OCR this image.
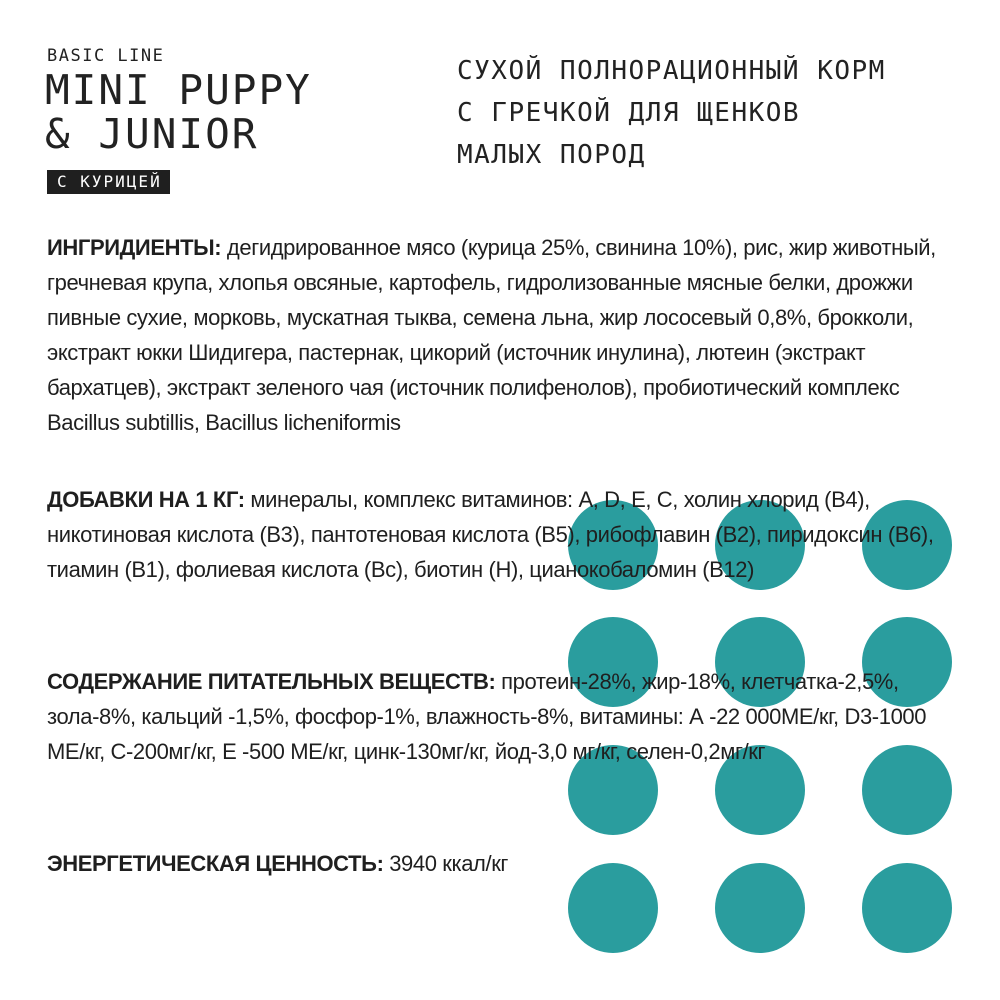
BASIC LINE
MINI PUPPY
& JUNIOR
С КУРИЦЕЙ
СУХОЙ ПОЛНОРАЦИОННЫЙ КОРМ
С ГРЕЧКОЙ ДЛЯ ЩЕНКОВ
МАЛЫХ ПОРОД
ИНГРИДИЕНТЫ: дегидрированное мясо (курица 25%, свинина 10%), рис, жир животный, гречневая крупа, хлопья овсяные, картофель, гидролизованные мясные белки, дрожжи пивные сухие, морковь, мускатная тыква, семена льна, жир лососевый 0,8%, брокколи, экстракт юкки Шидигера, пастернак, цикорий (источник инулина), лютеин (экстракт бархатцев), экстракт зеленого чая (источник полифенолов), пробиотический комплекс Bacillus subtillis, Bacillus licheniformis
ДОБАВКИ НА 1 КГ: минералы, комплекс витаминов: A, D, E, C, холин хлорид (B4), никотиновая кислота (B3), пантотеновая кислота (B5), рибофлавин (B2), пиридоксин (B6), тиамин (B1), фолиевая кислота (Bc), биотин (H), цианокобаломин (B12)
СОДЕРЖАНИЕ ПИТАТЕЛЬНЫХ ВЕЩЕСТВ: протеин-28%, жир-18%, клетчатка-2,5%, зола-8%, кальций -1,5%, фосфор-1%, влажность-8%, витамины: А -22 000МЕ/кг, D3-1000 МЕ/кг, С-200мг/кг, Е -500 МЕ/кг, цинк-130мг/кг, йод-3,0 мг/кг, селен-0,2мг/кг
ЭНЕРГЕТИЧЕСКАЯ ЦЕННОСТЬ: 3940 ккал/кг
